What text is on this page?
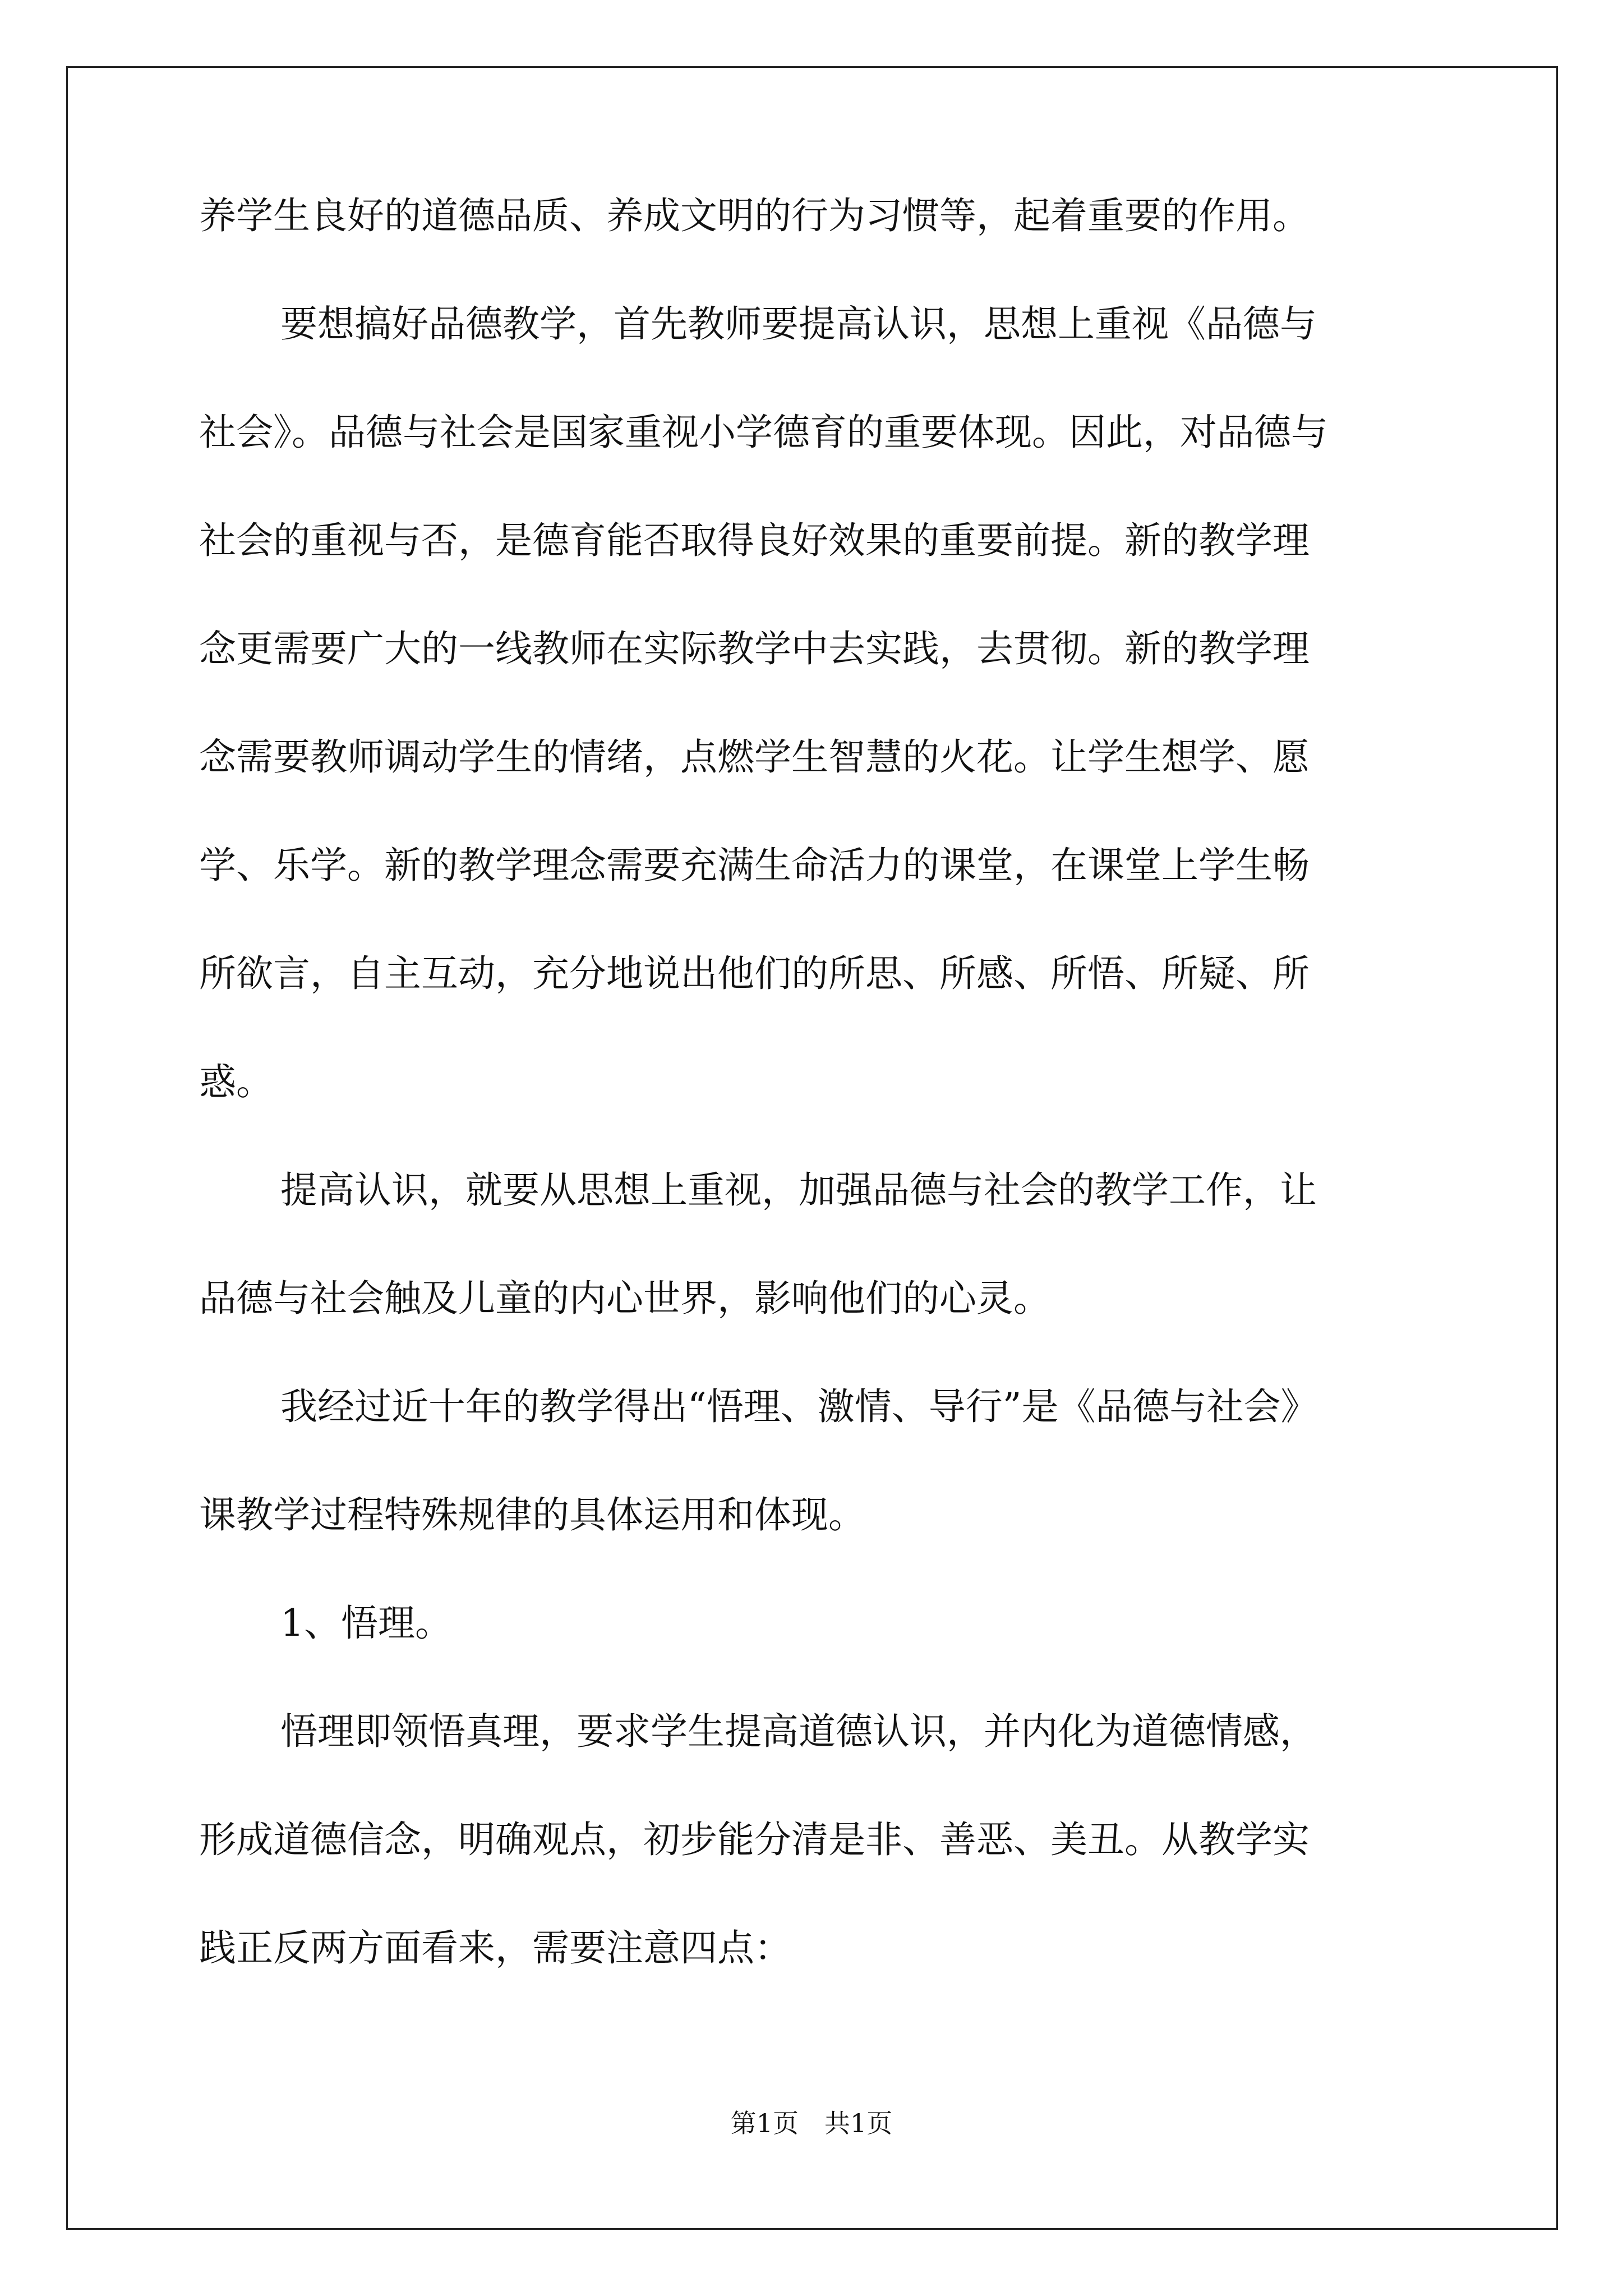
养学生良好的道德品质、养成文明的行为习惯等，起着重要的作用。
要想搞好品德教学，首先教师要提高认识，思想上重视《品德与
社会》。品德与社会是国家重视小学德育的重要体现。因此，对品德与
社会的重视与否，是德育能否取得良好效果的重要前提。新的教学理
念更需要广大的一线教师在实际教学中去实践，去贯彻。新的教学理
念需要教师调动学生的情绪，点燃学生智慧的火花。让学生想学、愿
学、乐学。新的教学理念需要充满生命活力的课堂，在课堂上学生畅
所欲言，自主互动，充分地说出他们的所思、所感、所悟、所疑、所
惑。
提高认识，就要从思想上重视，加强品德与社会的教学工作，让
品德与社会触及儿童的内心世界，影响他们的心灵。
我经过近十年的教学得出“悟理、激情、导行”是《品德与社会》
课教学过程特殊规律的具体运用和体现。
1、悟理。
悟理即领悟真理，要求学生提高道德认识，并内化为道德情感，
形成道德信念，明确观点，初步能分清是非、善恶、美丑。从教学实
践正反两方面看来，需要注意四点：
第1页　共1页
